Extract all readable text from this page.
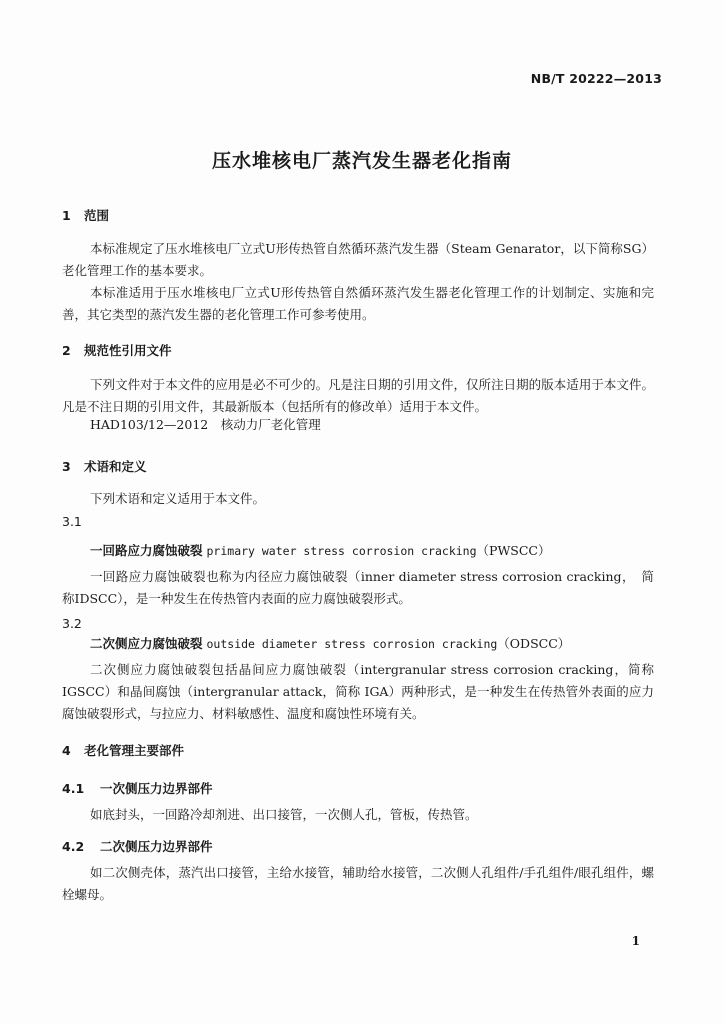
NB/T 20222—2013
压水堆核电厂蒸汽发生器老化指南
1 范围
本标准规定了压水堆核电厂立式U形传热管自然循环蒸汽发生器（Steam Genarator，以下简称SG）老化管理工作的基本要求。
本标准适用于压水堆核电厂立式U形传热管自然循环蒸汽发生器老化管理工作的计划制定、实施和完善，其它类型的蒸汽发生器的老化管理工作可参考使用。
2 规范性引用文件
下列文件对于本文件的应用是必不可少的。凡是注日期的引用文件，仅所注日期的版本适用于本文件。凡是不注日期的引用文件，其最新版本（包括所有的修改单）适用于本文件。
HAD103/12—2012　核动力厂老化管理
3 术语和定义
下列术语和定义适用于本文件。
3.1
一回路应力腐蚀破裂 primary water stress corrosion cracking（PWSCC）
一回路应力腐蚀破裂也称为内径应力腐蚀破裂（inner diameter stress corrosion cracking，　简称IDSCC），是一种发生在传热管内表面的应力腐蚀破裂形式。
3.2
二次侧应力腐蚀破裂 outside diameter stress corrosion cracking（ODSCC）
二次侧应力腐蚀破裂包括晶间应力腐蚀破裂（intergranular stress corrosion cracking，简称IGSCC）和晶间腐蚀（intergranular attack，简称 IGA）两种形式，是一种发生在传热管外表面的应力腐蚀破裂形式，与拉应力、材料敏感性、温度和腐蚀性环境有关。
4 老化管理主要部件
4.1 一次侧压力边界部件
如底封头，一回路冷却剂进、出口接管，一次侧人孔，管板，传热管。
4.2 二次侧压力边界部件
如二次侧壳体，蒸汽出口接管，主给水接管，辅助给水接管，二次侧人孔组件/手孔组件/眼孔组件，螺栓螺母。
1
